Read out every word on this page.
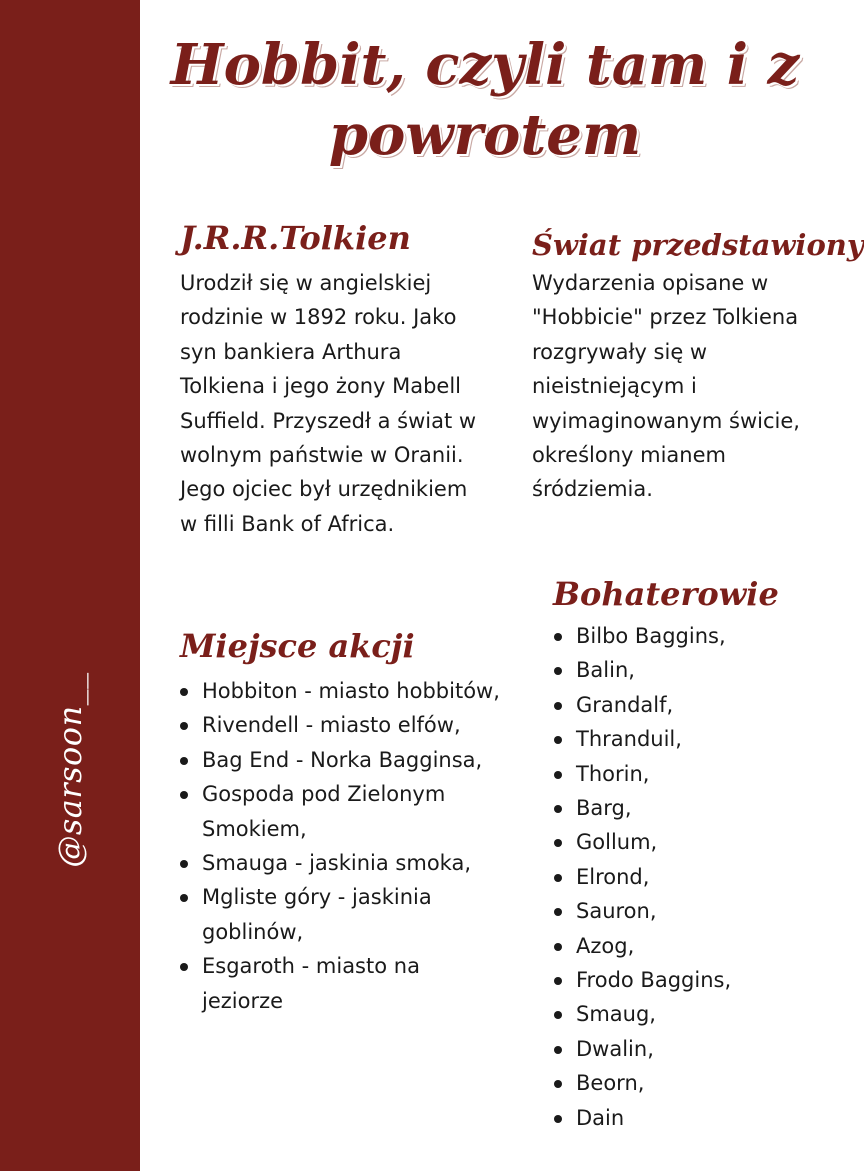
@sarsoon__
Hobbit, czyli tam i z powrotem
J.R.R.Tolkien

Urodził się w angielskiej rodzinie w 1892 roku. Jako syn bankiera Arthura Tolkiena i jego żony Mabell Suffield. Przyszedł a świat w wolnym państwie w Oranii. Jego ojciec był urzędnikiem w filli Bank of Africa.

Świat przedstawiony

Wydarzenia opisane w "Hobbicie" przez Tolkiena rozgrywały się w nieistniejącym i wyimaginowanym świcie, określony mianem śródziemia.

Miejsce akcji
Hobbiton - miasto hobbitów,
Rivendell - miasto elfów,
Bag End - Norka Bagginsa,
Gospoda pod Zielonym Smokiem,
Smauga - jaskinia smoka,
Mgliste góry - jaskinia goblinów,
Esgaroth - miasto na jeziorze
Bohaterowie
Bilbo Baggins,
Balin,
Grandalf,
Thranduil,
Thorin,
Barg,
Gollum,
Elrond,
Sauron,
Azog,
Frodo Baggins,
Smaug,
Dwalin,
Beorn,
Dain
